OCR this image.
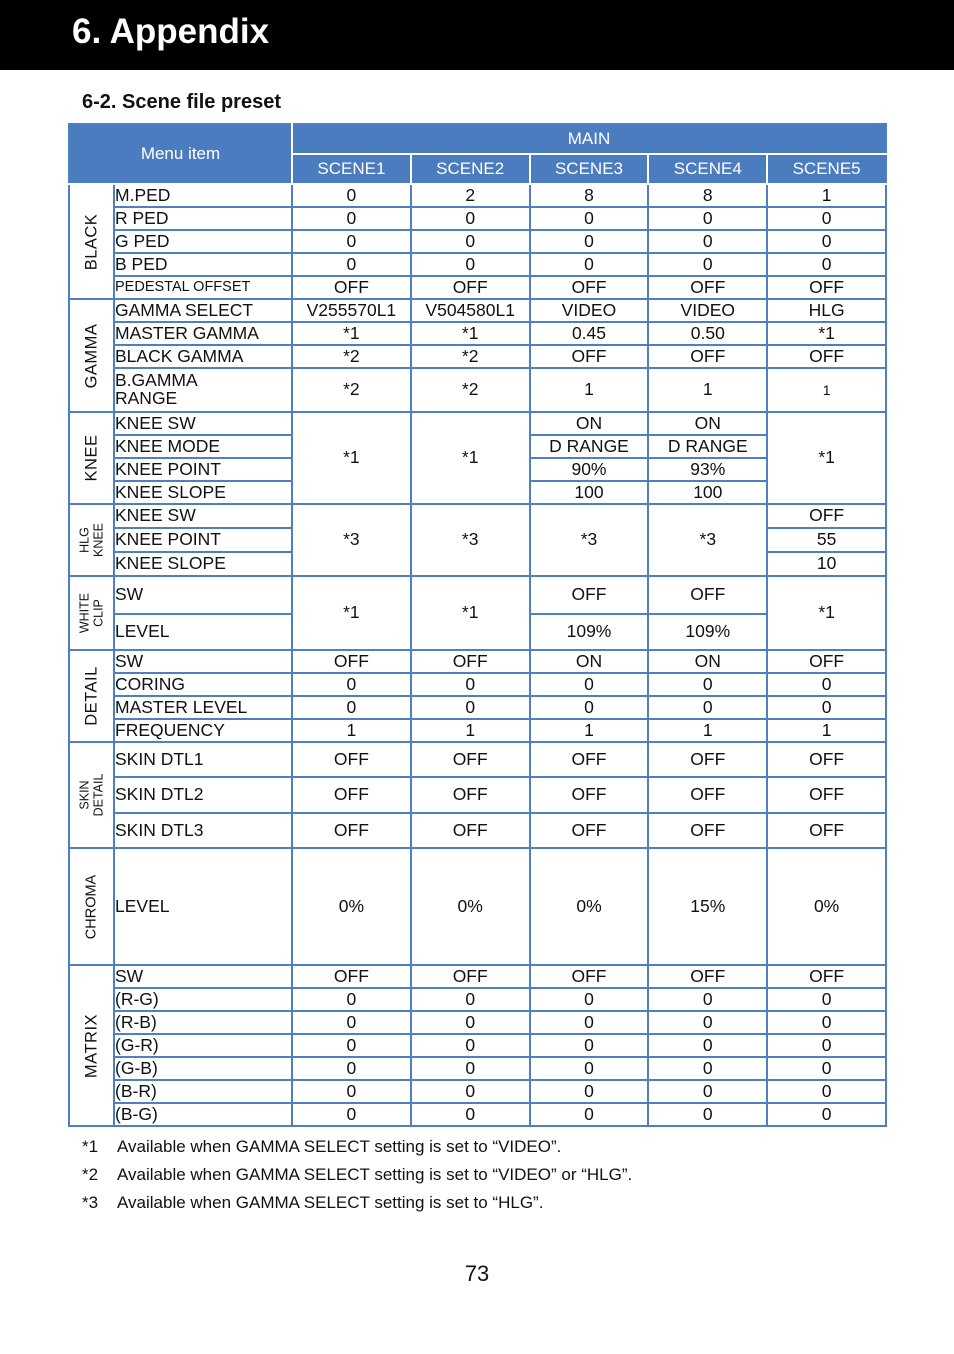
6. Appendix
6-2. Scene file preset
Menu item		MAIN				
		SCENE1	SCENE2	SCENE3	SCENE4	SCENE5

BLACK	M.PED	0	2	8	8	1
	R PED	0	0	0	0	0
	G PED	0	0	0	0	0
	B PED	0	0	0	0	0
	PEDESTAL OFFSET	OFF	OFF	OFF	OFF	OFF

GAMMA	GAMMA SELECT	V255570L1	V504580L1	VIDEO	VIDEO	HLG
	MASTER GAMMA	*1	*1	0.45	0.50	*1
	BLACK GAMMA	*2	*2	OFF	OFF	OFF

	B.GAMMA
RANGE	*2	*2	1	1	1

KNEE	KNEE SW	*1	*1	ON	ON	*1
	KNEE MODE			D RANGE	D RANGE	
	KNEE POINT			90%	93%	
	KNEE SLOPE			100	100	

HLG KNEE	KNEE SW	*3	*3	*3	*3	OFF
	KNEE POINT					55
	KNEE SLOPE					10

WHITE CLIP	SW	*1	*1	OFF	OFF	*1
	LEVEL			109%	109%	

DETAIL	SW	OFF	OFF	ON	ON	OFF
	CORING	0	0	0	0	0
	MASTER LEVEL	0	0	0	0	0
	FREQUENCY	1	1	1	1	1

SKIN DETAIL	SKIN DTL1	OFF	OFF	OFF	OFF	OFF
	SKIN DTL2	OFF	OFF	OFF	OFF	OFF
	SKIN DTL3	OFF	OFF	OFF	OFF	OFF

CHROMA	LEVEL	0%	0%	0%	15%	0%

MATRIX	SW	OFF	OFF	OFF	OFF	OFF
	(R-G)	0	0	0	0	0
	(R-B)	0	0	0	0	0
	(G-R)	0	0	0	0	0
	(G-B)	0	0	0	0	0
	(B-R)	0	0	0	0	0
	(B-G)	0	0	0	0	0
*1 Available when GAMMA SELECT setting is set to “VIDEO”.
*2 Available when GAMMA SELECT setting is set to “VIDEO” or “HLG”.
*3 Available when GAMMA SELECT setting is set to “HLG”.
73
